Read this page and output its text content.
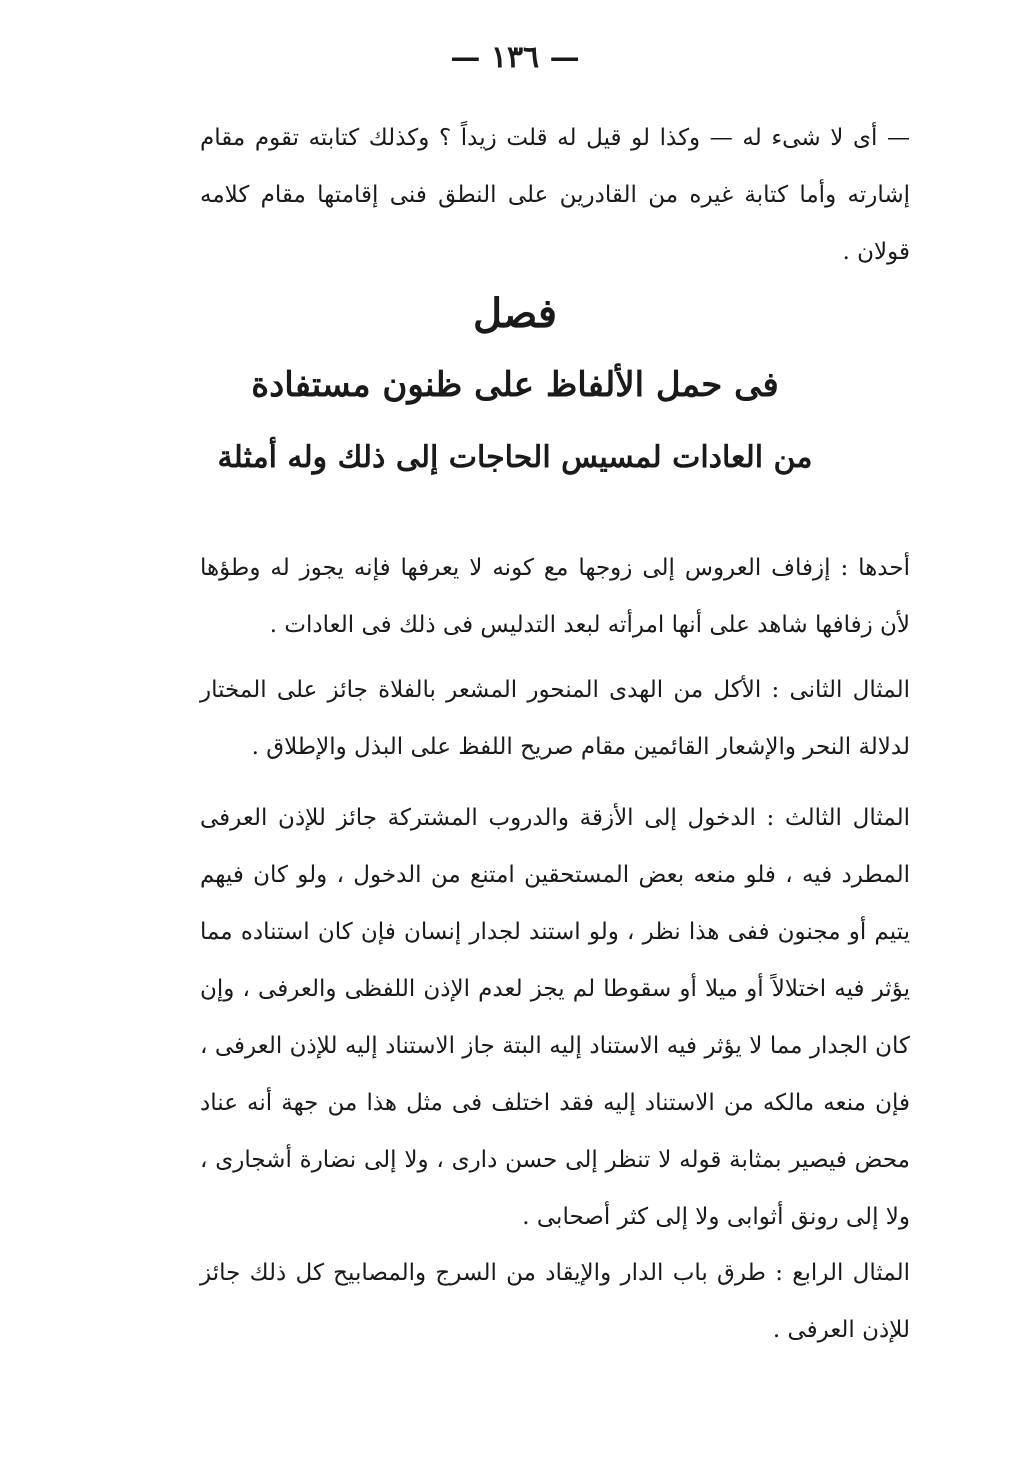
— ١٣٦ —

— أى لا شىء له — وكذا لو قيل له قلت زيداً ؟ وكذلك كتابته تقوم مقام إشارته وأما كتابة غيره من القادرين على النطق فنى إقامتها مقام كلامه قولان .

فصل
فى حمل الألفاظ على ظنون مستفادة
من العادات لمسيس الحاجات إلى ذلك وله أمثلة

أحدها : إزفاف العروس إلى زوجها مع كونه لا يعرفها فإنه يجوز له وطؤها لأن زفافها شاهد على أنها امرأته لبعد التدليس فى ذلك فى العادات .

المثال الثانى : الأكل من الهدى المنحور المشعر بالفلاة جائز على المختار لدلالة النحر والإشعار القائمين مقام صريح اللفظ على البذل والإطلاق .

المثال الثالث : الدخول إلى الأزقة والدروب المشتركة جائز للإذن العرفى المطرد فيه ، فلو منعه بعض المستحقين امتنع من الدخول ، ولو كان فيهم يتيم أو مجنون ففى هذا نظر ، ولو استند لجدار إنسان فإن كان استناده مما يؤثر فيه اختلالاً أو ميلا أو سقوطا لم يجز لعدم الإذن اللفظى والعرفى ، وإن كان الجدار مما لا يؤثر فيه الاستناد إليه البتة جاز الاستناد إليه للإذن العرفى ، فإن منعه مالكه من الاستناد إليه فقد اختلف فى مثل هذا من جهة أنه عناد محض فيصير بمثابة قوله لا تنظر إلى حسن دارى ، ولا إلى نضارة أشجارى ، ولا إلى رونق أثوابى ولا إلى كثر أصحابى .

المثال الرابع : طرق باب الدار والإيقاد من السرج والمصابيح كل ذلك جائز للإذن العرفى .
